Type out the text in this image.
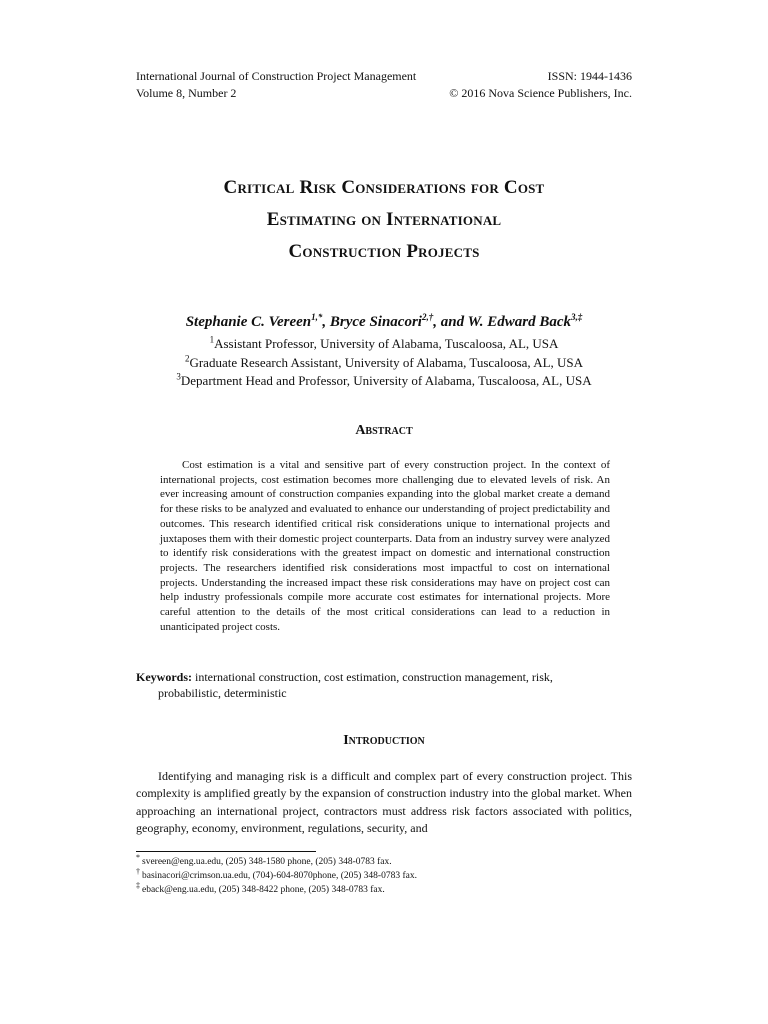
International Journal of Construction Project Management	ISSN: 1944-1436
Volume 8, Number 2	© 2016 Nova Science Publishers, Inc.
Critical Risk Considerations for Cost
Estimating on International
Construction Projects
Stephanie C. Vereen$^{1,*}$, Bryce Sinacori$^{2,\dagger}$, and W. Edward Back$^{3,\ddagger}$
$^1$Assistant Professor, University of Alabama, Tuscaloosa, AL, USA
$^2$Graduate Research Assistant, University of Alabama, Tuscaloosa, AL, USA
$^3$Department Head and Professor, University of Alabama, Tuscaloosa, AL, USA
Abstract
Cost estimation is a vital and sensitive part of every construction project. In the context of international projects, cost estimation becomes more challenging due to elevated levels of risk. An ever increasing amount of construction companies expanding into the global market create a demand for these risks to be analyzed and evaluated to enhance our understanding of project predictability and outcomes. This research identified critical risk considerations unique to international projects and juxtaposes them with their domestic project counterparts. Data from an industry survey were analyzed to identify risk considerations with the greatest impact on domestic and international construction projects. The researchers identified risk considerations most impactful to cost on international projects. Understanding the increased impact these risk considerations may have on project cost can help industry professionals compile more accurate cost estimates for international projects. More careful attention to the details of the most critical considerations can lead to a reduction in unanticipated project costs.
Keywords: international construction, cost estimation, construction management, risk,
probabilistic, deterministic
Introduction
Identifying and managing risk is a difficult and complex part of every construction project. This complexity is amplified greatly by the expansion of construction industry into the global market. When approaching an international project, contractors must address risk factors associated with politics, geography, economy, environment, regulations, security, and
* svereen@eng.ua.edu, (205) 348-1580 phone, (205) 348-0783 fax.
† basinacori@crimson.ua.edu, (704)-604-8070phone, (205) 348-0783 fax.
‡ eback@eng.ua.edu, (205) 348-8422 phone, (205) 348-0783 fax.
